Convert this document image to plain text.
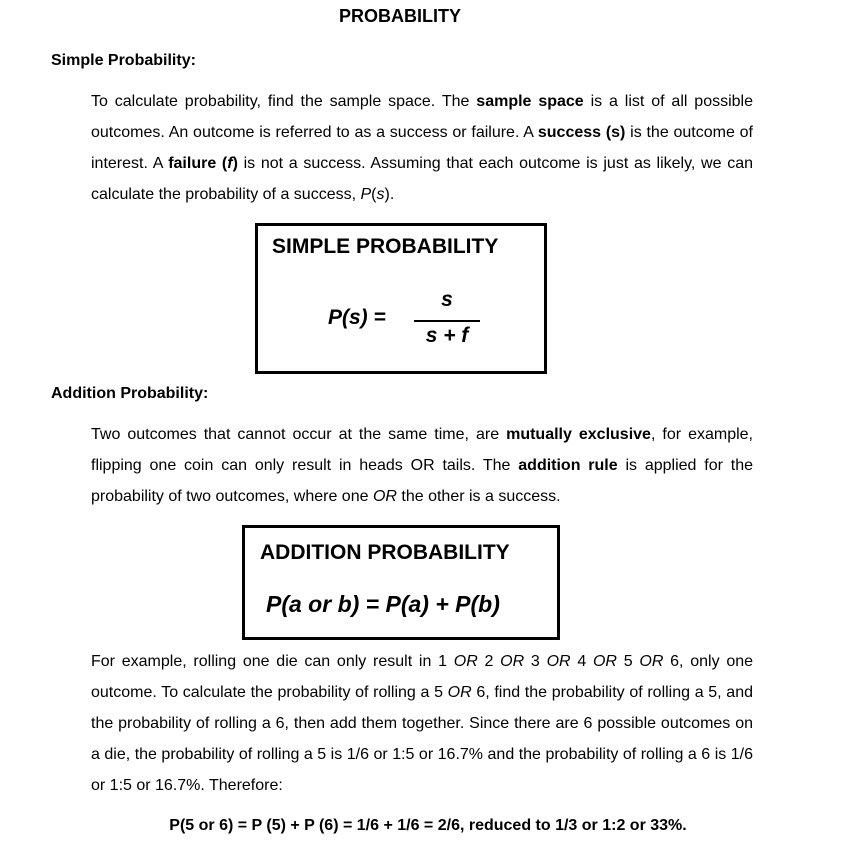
PROBABILITY
Simple Probability:

To calculate probability, find the sample space. The sample space is a list of all possible outcomes. An outcome is referred to as a success or failure. A success (s) is the outcome of interest. A failure (f) is not a success. Assuming that each outcome is just as likely, we can calculate the probability of a success, P(s).

SIMPLE PROBABILITY
P(s) =
s
s + f
Addition Probability:

Two outcomes that cannot occur at the same time, are mutually exclusive, for example, flipping one coin can only result in heads OR tails. The addition rule is applied for the probability of two outcomes, where one OR the other is a success.

ADDITION PROBABILITY
P(a or b) = P(a) + P(b)

For example, rolling one die can only result in 1 OR 2 OR 3 OR 4 OR 5 OR 6, only one outcome. To calculate the probability of rolling a 5 OR 6, find the probability of rolling a 5, and the probability of rolling a 6, then add them together. Since there are 6 possible outcomes on a die, the probability of rolling a 5 is 1/6 or 1:5 or 16.7% and the probability of rolling a 6 is 1/6 or 1:5 or 16.7%. Therefore:

P(5 or 6) = P (5) + P (6) = 1/6 + 1/6 = 2/6, reduced to 1/3 or 1:2 or 33%.
